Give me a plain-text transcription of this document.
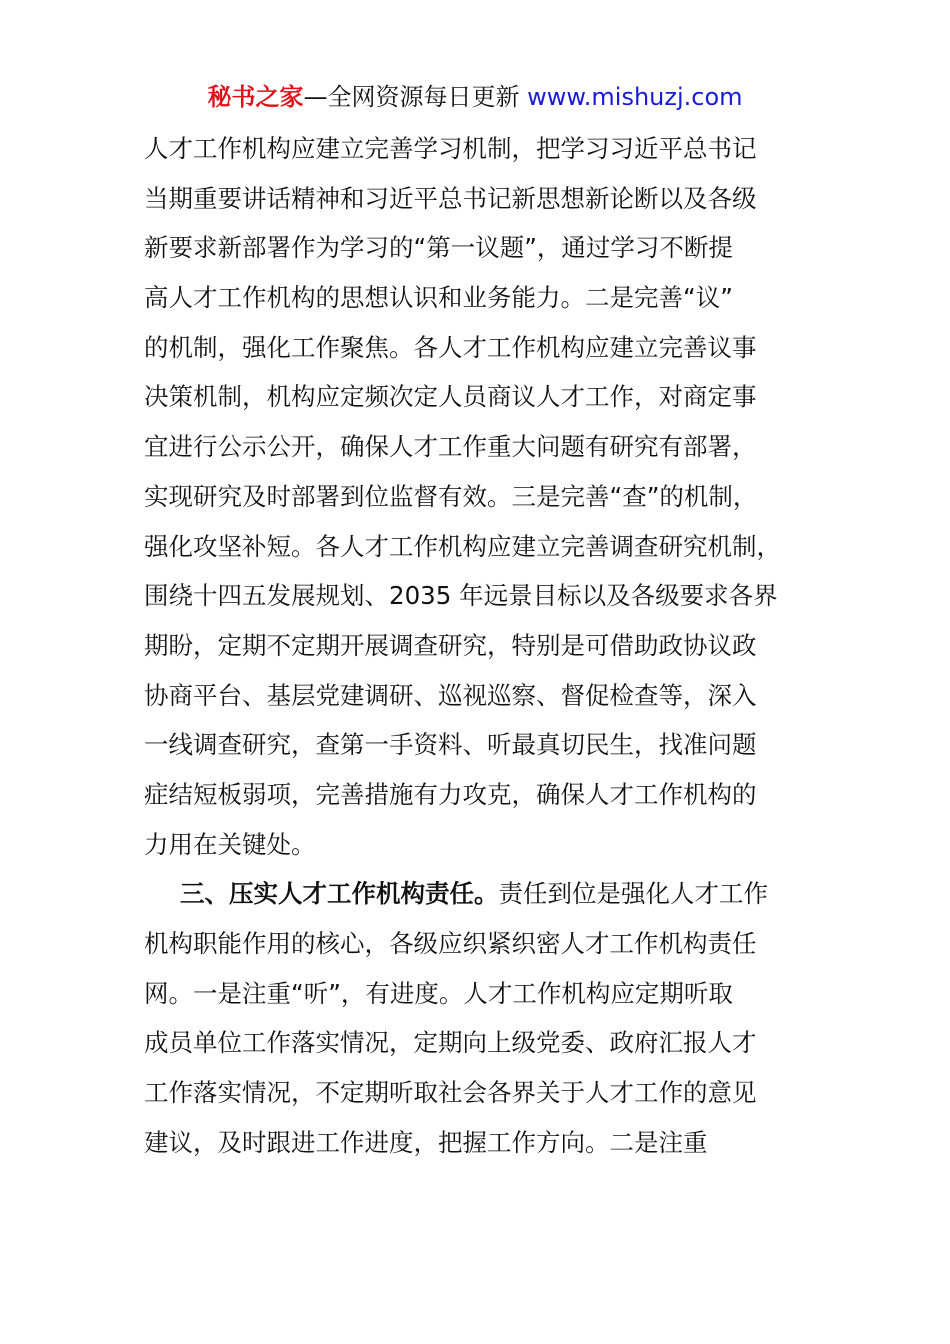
秘书之家—全网资源每日更新 www.mishuzj.com
人才工作机构应建立完善学习机制，把学习习近平总书记
当期重要讲话精神和习近平总书记新思想新论断以及各级
新要求新部署作为学习的“第一议题”，通过学习不断提
高人才工作机构的思想认识和业务能力。二是完善“议”
的机制，强化工作聚焦。各人才工作机构应建立完善议事
决策机制，机构应定频次定人员商议人才工作，对商定事
宜进行公示公开，确保人才工作重大问题有研究有部署，
实现研究及时部署到位监督有效。三是完善“查”的机制，
强化攻坚补短。各人才工作机构应建立完善调查研究机制，
围绕十四五发展规划、2035 年远景目标以及各级要求各界
期盼，定期不定期开展调查研究，特别是可借助政协议政
协商平台、基层党建调研、巡视巡察、督促检查等，深入
一线调查研究，查第一手资料、听最真切民生，找准问题
症结短板弱项，完善措施有力攻克，确保人才工作机构的
力用在关键处。
三、压实人才工作机构责任。责任到位是强化人才工作
机构职能作用的核心，各级应织紧织密人才工作机构责任
网。一是注重“听”，有进度。人才工作机构应定期听取
成员单位工作落实情况，定期向上级党委、政府汇报人才
工作落实情况，不定期听取社会各界关于人才工作的意见
建议，及时跟进工作进度，把握工作方向。二是注重
